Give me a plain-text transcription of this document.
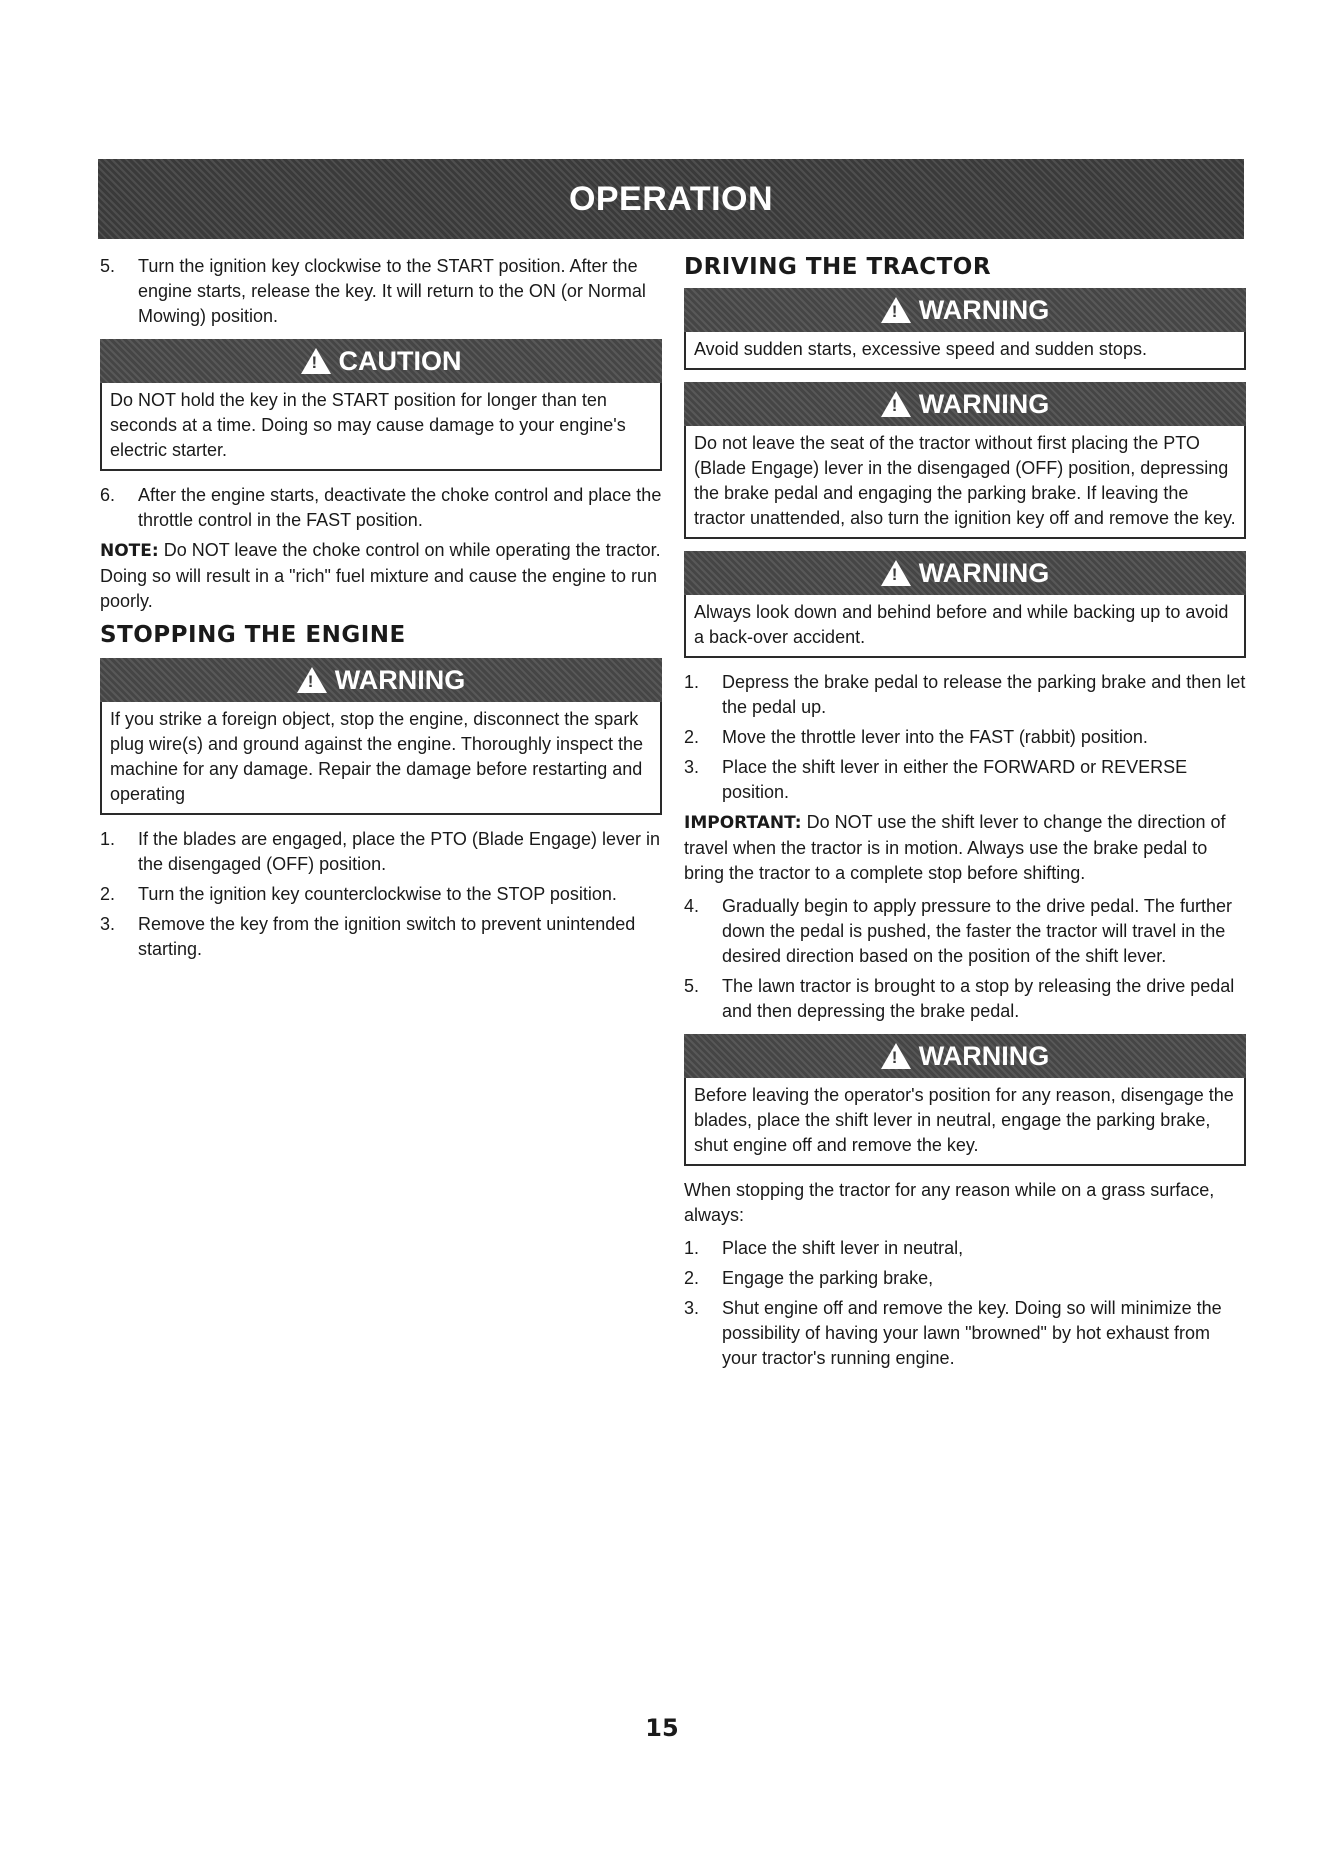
OPERATION
5.	Turn the ignition key clockwise to the START position. After the engine starts, release the key. It will return to the ON (or Normal Mowing) position.
!
CAUTION
Do NOT hold the key in the START position for longer than ten seconds at a time. Doing so may cause damage to your engine's electric starter.
6.	After the engine starts, deactivate the choke control and place the throttle control in the FAST position.

NOTE: Do NOT leave the choke control on while operating the tractor. Doing so will result in a "rich" fuel mixture and cause the engine to run poorly.

STOPPING THE ENGINE
!
WARNING
If you strike a foreign object, stop the engine, disconnect the spark plug wire(s) and ground against the engine. Thoroughly inspect the machine for any damage. Repair the damage before restarting and operating
1.	If the blades are engaged, place the PTO (Blade Engage) lever in the disengaged (OFF) position.
2.	Turn the ignition key counterclockwise to the STOP position.
3.	Remove the key from the ignition switch to prevent unintended starting.
DRIVING THE TRACTOR
!
WARNING
Avoid sudden starts, excessive speed and sudden stops.
!
WARNING
Do not leave the seat of the tractor without first placing the PTO (Blade Engage) lever in the disengaged (OFF) position, depressing the brake pedal and engaging the parking brake. If leaving the tractor unattended, also turn the ignition key off and remove the key.
!
WARNING
Always look down and behind before and while backing up to avoid a back-over accident.
1.	Depress the brake pedal to release the parking brake and then let the pedal up.
2.	Move the throttle lever into the FAST (rabbit) position.
3.	Place the shift lever in either the FORWARD or REVERSE position.

IMPORTANT: Do NOT use the shift lever to change the direction of travel when the tractor is in motion. Always use the brake pedal to bring the tractor to a complete stop before shifting.

4.	Gradually begin to apply pressure to the drive pedal. The further down the pedal is pushed, the faster the tractor will travel in the desired direction based on the position of the shift lever.
5.	The lawn tractor is brought to a stop by releasing the drive pedal and then depressing the brake pedal.
!
WARNING
Before leaving the operator's position for any reason, disengage the blades, place the shift lever in neutral, engage the parking brake, shut engine off and remove the key.

When stopping the tractor for any reason while on a grass surface, always:

1.	Place the shift lever in neutral,
2.	Engage the parking brake,
3.	Shut engine off and remove the key. Doing so will minimize the possibility of having your lawn "browned" by hot exhaust from your tractor's running engine.
15
